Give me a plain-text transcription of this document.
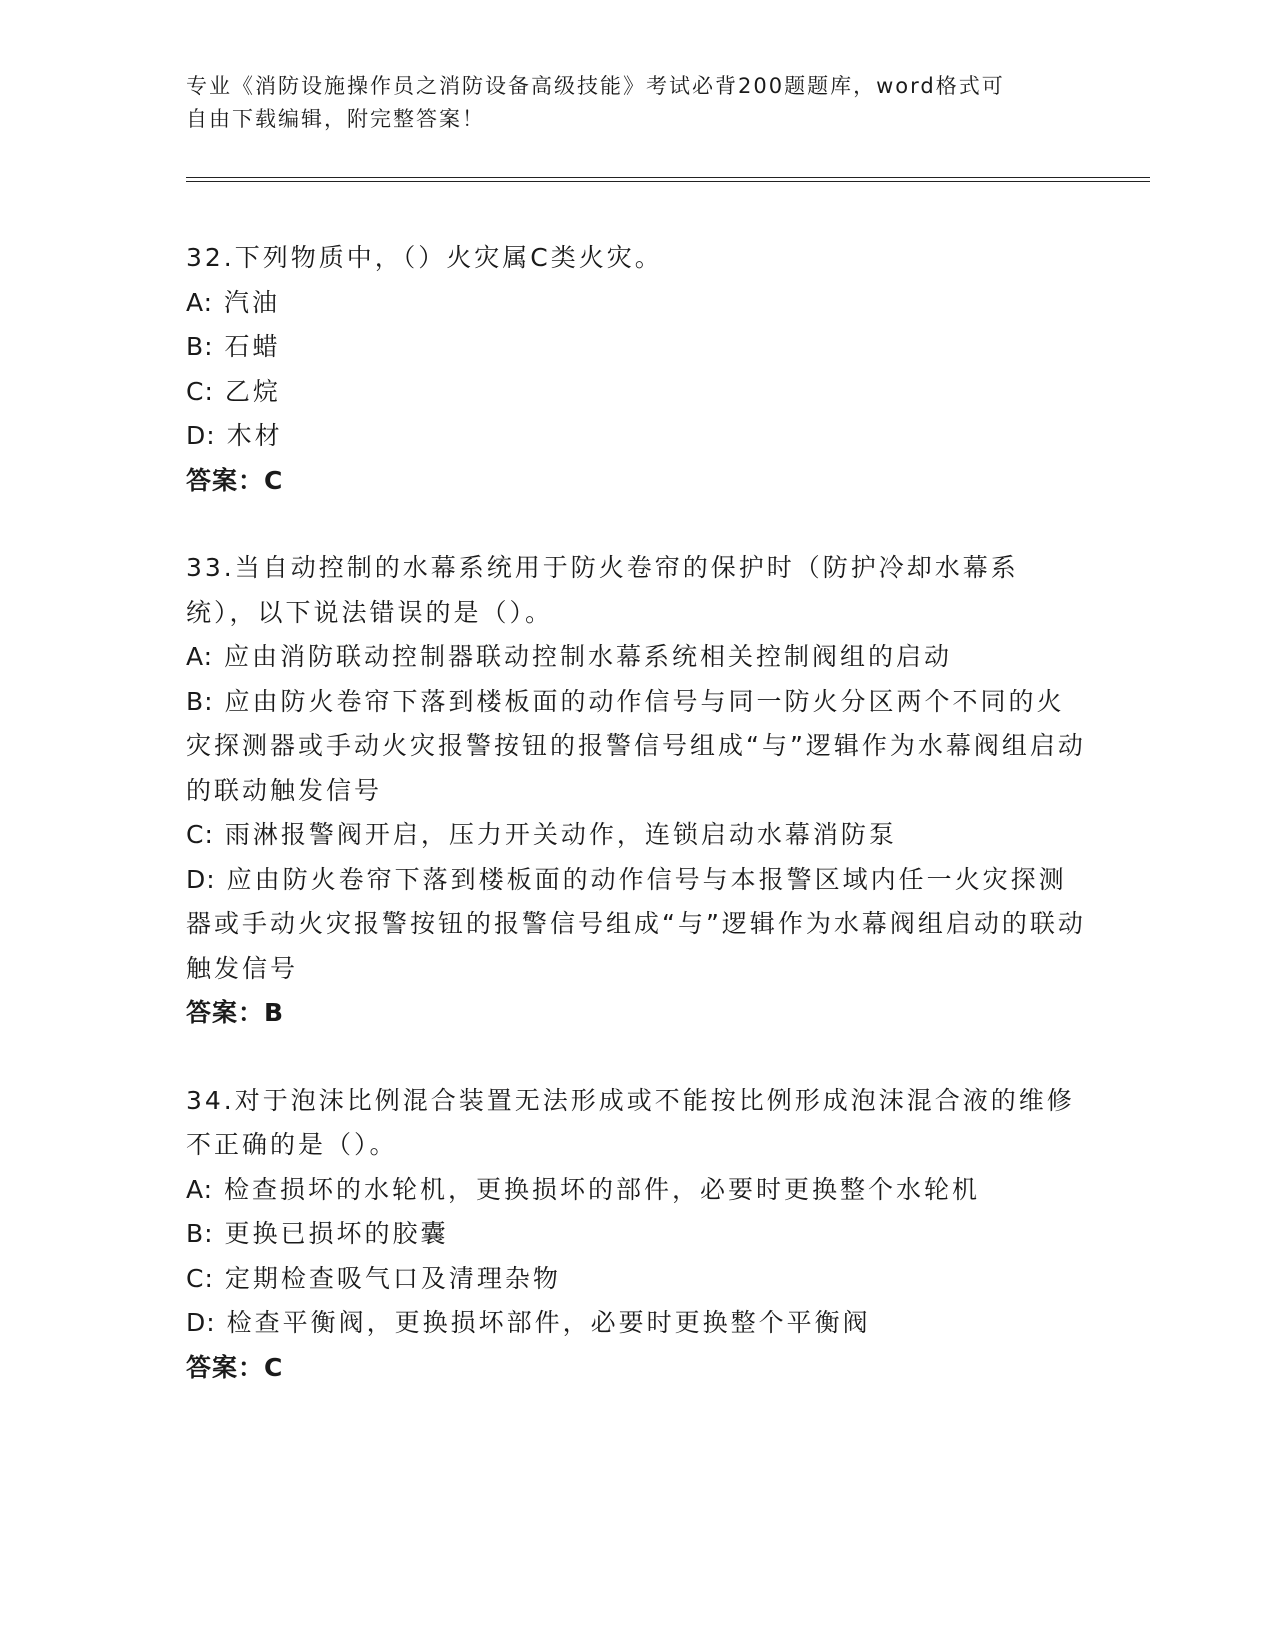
专业《消防设施操作员之消防设备高级技能》考试必背200题题库，word格式可

自由下载编辑，附完整答案！

32.下列物质中，（）火灾属C类火灾。

A: 汽油

B: 石蜡

C: 乙烷

D: 木材

答案：C

33.当自动控制的水幕系统用于防火卷帘的保护时（防护冷却水幕系统），以下说法错误的是（）。

A: 应由消防联动控制器联动控制水幕系统相关控制阀组的启动

B: 应由防火卷帘下落到楼板面的动作信号与同一防火分区两个不同的火灾探测器或手动火灾报警按钮的报警信号组成“与”逻辑作为水幕阀组启动的联动触发信号

C: 雨淋报警阀开启，压力开关动作，连锁启动水幕消防泵

D: 应由防火卷帘下落到楼板面的动作信号与本报警区域内任一火灾探测器或手动火灾报警按钮的报警信号组成“与”逻辑作为水幕阀组启动的联动触发信号

答案：B

34.对于泡沫比例混合装置无法形成或不能按比例形成泡沫混合液的维修不正确的是（）。

A: 检查损坏的水轮机，更换损坏的部件，必要时更换整个水轮机

B: 更换已损坏的胶囊

C: 定期检查吸气口及清理杂物

D: 检查平衡阀，更换损坏部件，必要时更换整个平衡阀

答案：C
